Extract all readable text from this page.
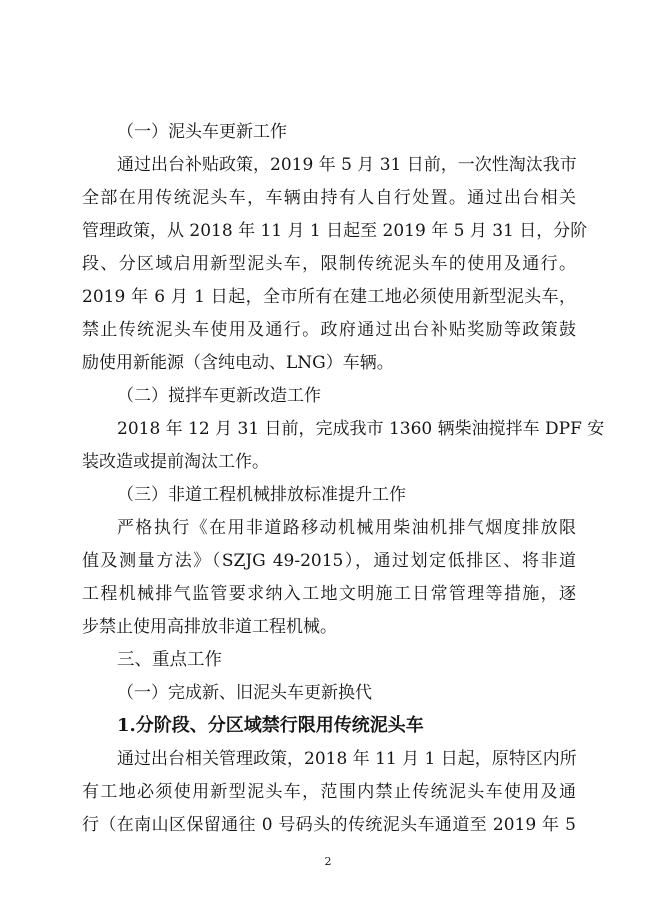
（一）泥头车更新工作
通过出台补贴政策，2019 年 5 月 31 日前，一次性淘汰我市
全部在用传统泥头车，车辆由持有人自行处置。通过出台相关
管理政策，从 2018 年 11 月 1 日起至 2019 年 5 月 31 日，分阶
段、分区域启用新型泥头车，限制传统泥头车的使用及通行。
2019 年 6 月 1 日起，全市所有在建工地必须使用新型泥头车，
禁止传统泥头车使用及通行。政府通过出台补贴奖励等政策鼓
励使用新能源（含纯电动、LNG）车辆。
（二）搅拌车更新改造工作
2018 年 12 月 31 日前，完成我市 1360 辆柴油搅拌车 DPF 安
装改造或提前淘汰工作。
（三）非道工程机械排放标准提升工作
严格执行《在用非道路移动机械用柴油机排气烟度排放限
值及测量方法》（SZJG 49-2015），通过划定低排区、将非道
工程机械排气监管要求纳入工地文明施工日常管理等措施，逐
步禁止使用高排放非道工程机械。
三、重点工作
（一）完成新、旧泥头车更新换代
1.分阶段、分区域禁行限用传统泥头车
通过出台相关管理政策，2018 年 11 月 1 日起，原特区内所
有工地必须使用新型泥头车，范围内禁止传统泥头车使用及通
行（在南山区保留通往 0 号码头的传统泥头车通道至 2019 年 5
2
